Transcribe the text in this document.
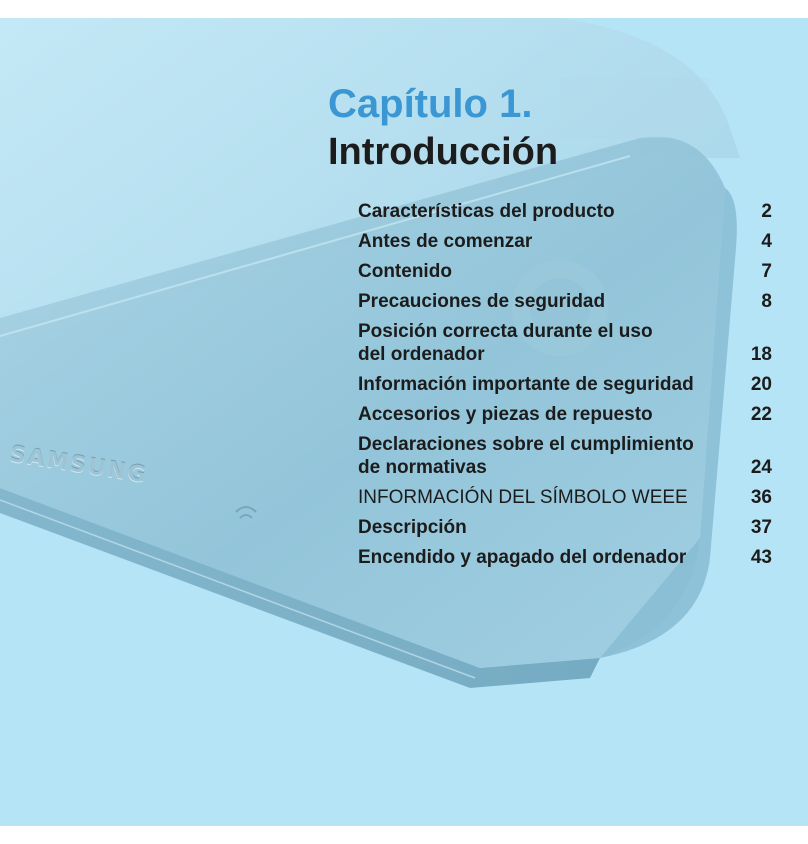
SAMSUNG
Capítulo 1.
Introducción
Características del producto	2
Antes de comenzar	4
Contenido	7
Precauciones de seguridad	8
Posición correcta durante el uso
del ordenador	18
Información importante de seguridad	20
Accesorios y piezas de repuesto	22
Declaraciones sobre el cumplimiento
de normativas	24
INFORMACIÓN DEL SÍMBOLO WEEE	36
Descripción	37
Encendido y apagado del ordenador	43
